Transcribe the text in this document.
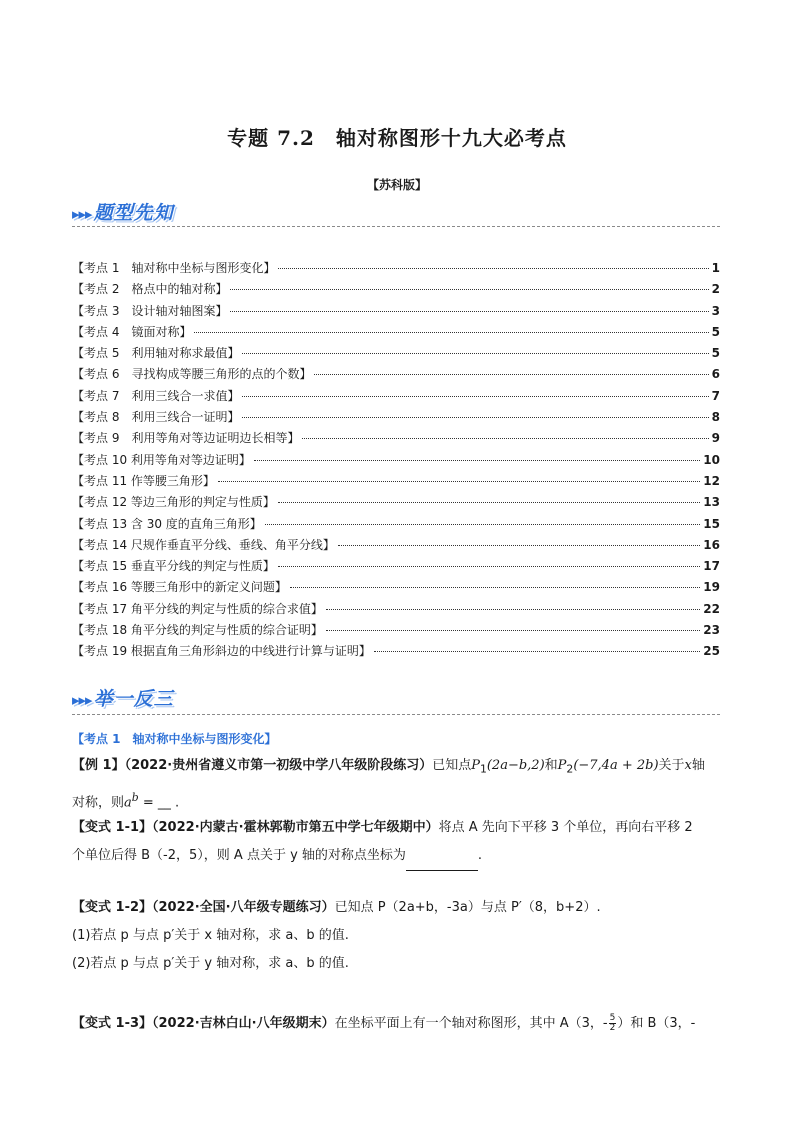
专题 7.2　轴对称图形十九大必考点
【苏科版】
▸▸▸ 题型先知
【考点 1　轴对称中坐标与图形变化】	1
【考点 2　格点中的轴对称】	2
【考点 3　设计轴对轴图案】	3
【考点 4　镜面对称】	5
【考点 5　利用轴对称求最值】	5
【考点 6　寻找构成等腰三角形的点的个数】	6
【考点 7　利用三线合一求值】	7
【考点 8　利用三线合一证明】	8
【考点 9　利用等角对等边证明边长相等】	9
【考点 10 利用等角对等边证明】	10
【考点 11 作等腰三角形】	12
【考点 12 等边三角形的判定与性质】	13
【考点 13 含 30 度的直角三角形】	15
【考点 14 尺规作垂直平分线、垂线、角平分线】	16
【考点 15 垂直平分线的判定与性质】	17
【考点 16 等腰三角形中的新定义问题】	19
【考点 17 角平分线的判定与性质的综合求值】	22
【考点 18 角平分线的判定与性质的综合证明】	23
【考点 19 根据直角三角形斜边的中线进行计算与证明】	25
▸▸▸ 举一反三
【考点 1　轴对称中坐标与图形变化】
【例 1】（2022·贵州省遵义市第一初级中学八年级阶段练习）已知点$P_1(2a-b,2)$和$P_2(-7,4a + 2b)$关于x轴
对称，则$a^b$ = __ .
【变式 1-1】（2022·内蒙古·霍林郭勒市第五中学七年级期中）将点 A 先向下平移 3 个单位，再向右平移 2
个单位后得 B（-2，5），则 A 点关于 y 轴的对称点坐标为	.
【变式 1-2】（2022·全国·八年级专题练习）已知点 P（2a+b，-3a）与点 P′（8，b+2）.
(1)若点 p 与点 p′关于 x 轴对称，求 a、b 的值.
(2)若点 p 与点 p′关于 y 轴对称，求 a、b 的值.
【变式 1-3】（2022·吉林白山·八年级期末）在坐标平面上有一个轴对称图形，其中 A（3，- $\frac{5}{2}$ ）和 B（3，-
